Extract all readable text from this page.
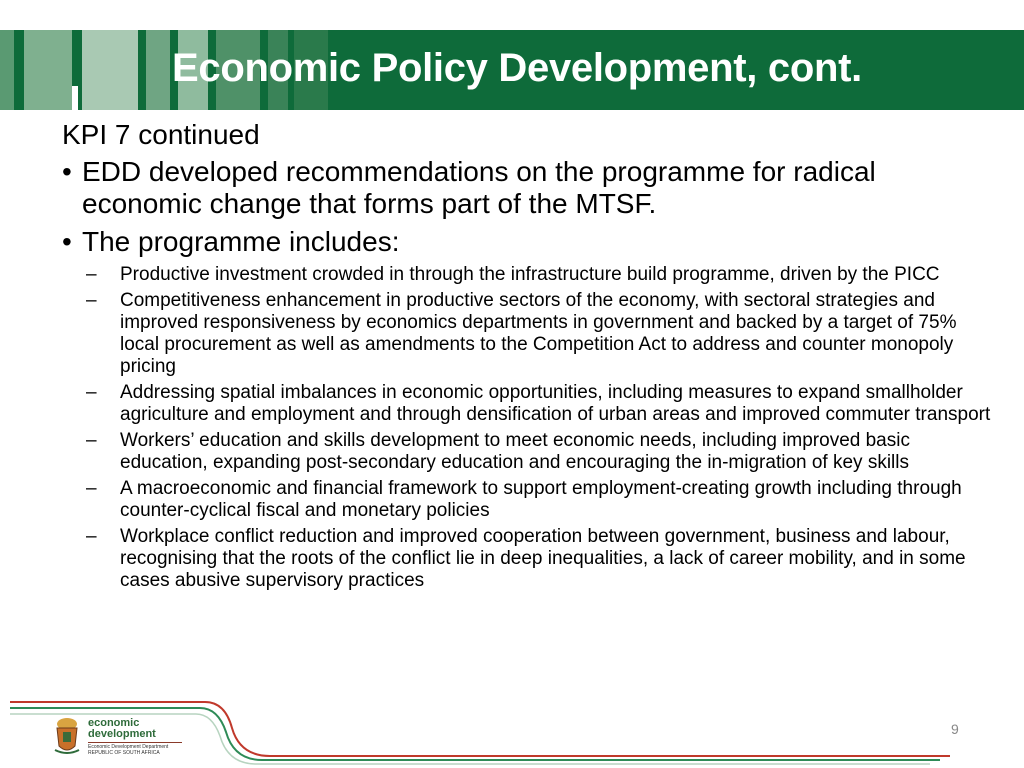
Economic Policy Development, cont.
KPI 7 continued
• EDD developed recommendations on the programme for radical economic change that forms part of the MTSF.
• The programme includes:
– Productive investment crowded in through the infrastructure build programme, driven by the PICC
– Competitiveness enhancement in productive sectors of the economy, with sectoral strategies and improved responsiveness by economics departments in government and backed by a target of 75% local procurement as well as amendments to the Competition Act to address and counter monopoly pricing
– Addressing spatial imbalances in economic opportunities, including measures to expand smallholder agriculture and employment and through densification of urban areas and improved commuter transport
– Workers’ education and skills development to meet economic needs, including improved basic education, expanding post-secondary education and encouraging the in-migration of key skills
– A macroeconomic and financial framework to support employment-creating growth including through counter-cyclical fiscal and monetary policies
– Workplace conflict reduction and improved cooperation between government, business and labour, recognising that the roots of the conflict lie in deep inequalities, a lack of career mobility, and in some cases abusive supervisory practices
economic
development
Economic Development Department
REPUBLIC OF SOUTH AFRICA
9
